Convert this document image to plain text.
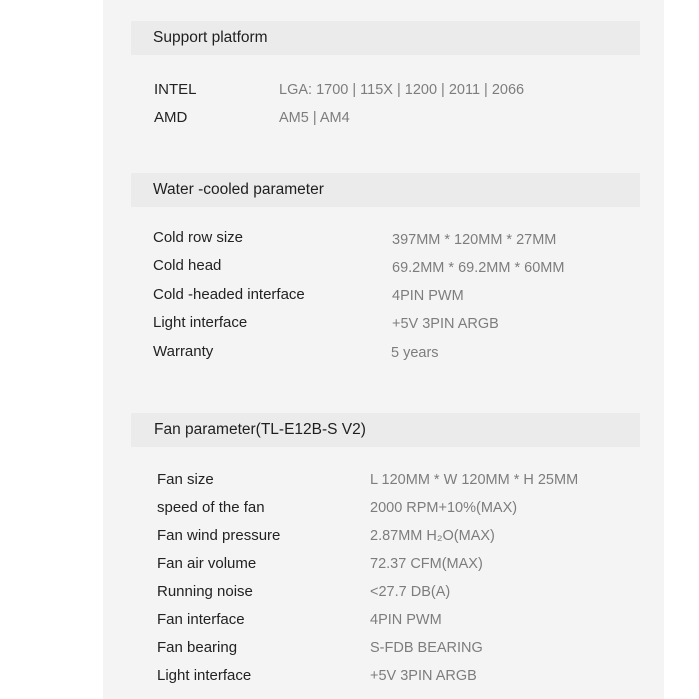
Support platform
INTEL	LGA: 1700 | 115X | 1200 | 2011 | 2066
AMD	AM5 | AM4
Water -cooled parameter
Cold row size	397MM * 120MM * 27MM
Cold head	69.2MM * 69.2MM * 60MM
Cold -headed interface	4PIN PWM
Light interface	+5V 3PIN ARGB
Warranty	5 years
Fan parameter(TL-E12B-S V2)
Fan size	L 120MM * W 120MM * H 25MM
speed of the fan	2000 RPM+10%(MAX)
Fan wind pressure	2.87MM H₂O(MAX)
Fan air volume	72.37 CFM(MAX)
Running noise	<27.7 DB(A)
Fan interface	4PIN PWM
Fan bearing	S-FDB BEARING
Light interface	+5V 3PIN ARGB
